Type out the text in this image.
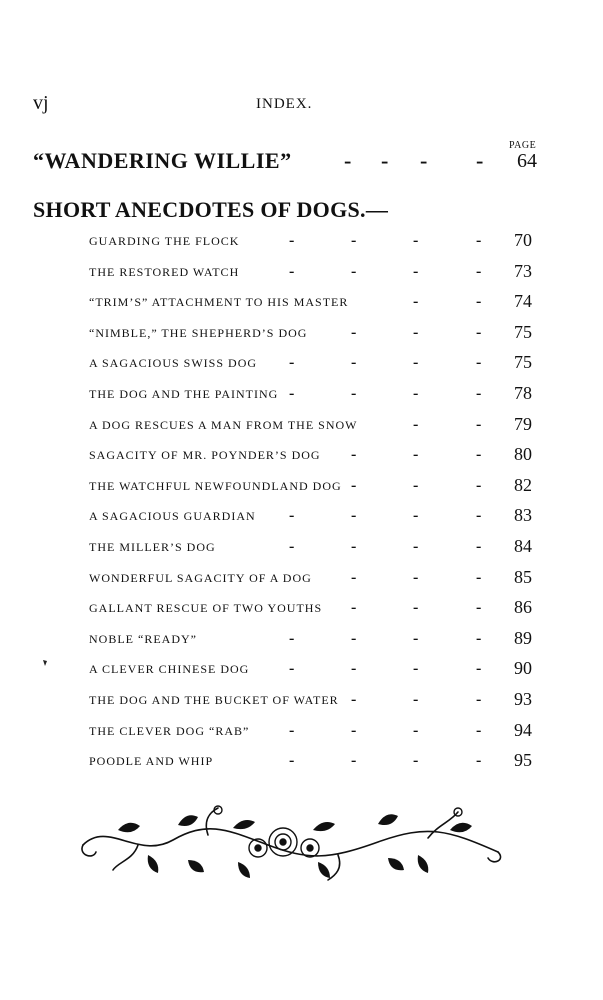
vj	INDEX.
PAGE
“WANDERING WILLIE” - - - - 64
SHORT ANECDOTES OF DOGS.—
GUARDING THE FLOCK	-	-	-	- 70
THE RESTORED WATCH	-	-	-	- 73
“TRIM’S” ATTACHMENT TO HIS MASTER	-	- 74
“NIMBLE,” THE SHEPHERD’S DOG	-	-	- 75
A SAGACIOUS SWISS DOG -	-	-	- 75
THE DOG AND THE PAINTING -	-	-	- 78
A DOG RESCUES A MAN FROM THE SNOW	-	- 79
SAGACITY OF MR. POYNDER’S DOG -	-	- 80
THE WATCHFUL NEWFOUNDLAND DOG -	-	- 82
A SAGACIOUS GUARDIAN -	-	-	- 83
THE MILLER’S DOG	-	-	-	- 84
WONDERFUL SAGACITY OF A DOG -	-	- 85
GALLANT RESCUE OF TWO YOUTHS -	-	- 86
NOBLE “READY”	-	-	-	- 89
A CLEVER CHINESE DOG -	-	-	- 90
THE DOG AND THE BUCKET OF WATER -	-	- 93
THE CLEVER DOG “RAB” -	-	-	- 94
POODLE AND WHIP	-	-	-	- 95
